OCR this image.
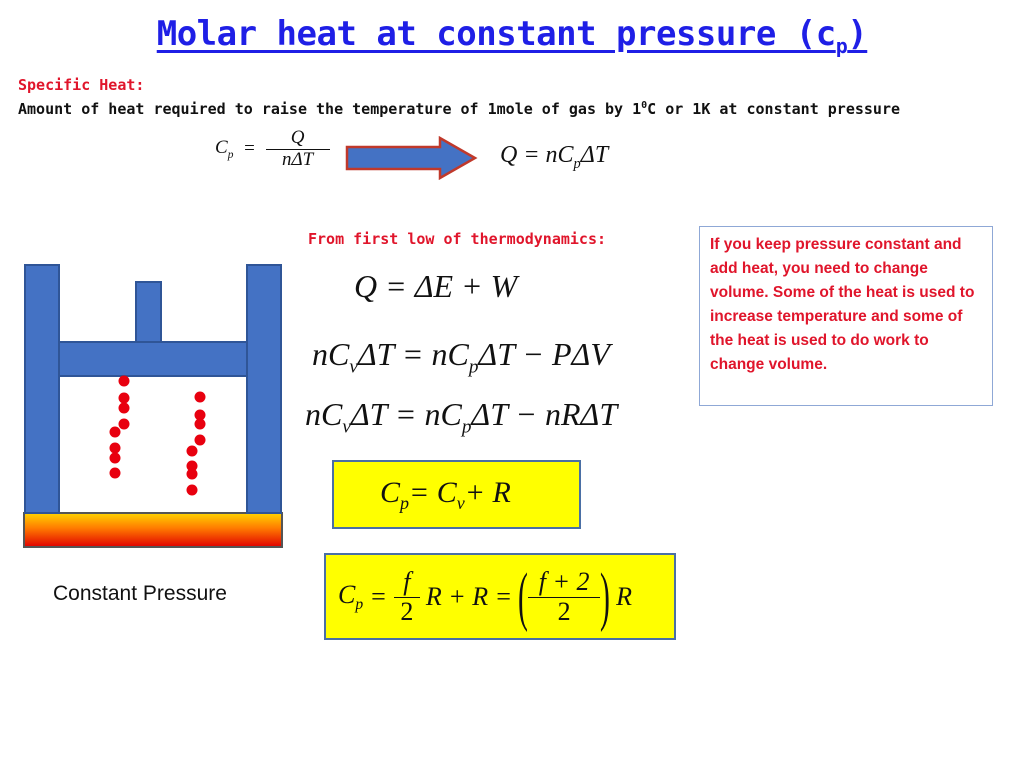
Molar heat at constant pressure $(c_p)$
Specific Heat:
Amount of heat required to raise the temperature of 1mole of gas by $1^0C$ or 1K at constant pressure
$C_p = \frac{Q}{\text{nΔT}}$	$Q = nC_p\Delta T$
From first low of thermodynamics:
Q = ΔE + W
$nC_v\Delta T = nC_p\Delta T - P\Delta V$
$nC_v\Delta T = nC_p\Delta T - nR\Delta T$
$C_p= C_v+ R$
$C_p = \frac{f}{2}$ R + R = ( $\frac{f + 2}{2}$ ) R
If you keep pressure constant and add heat, you need to change volume. Some of the heat is used to increase temperature and some of the heat is used to do work to change volume.
Constant Pressure
